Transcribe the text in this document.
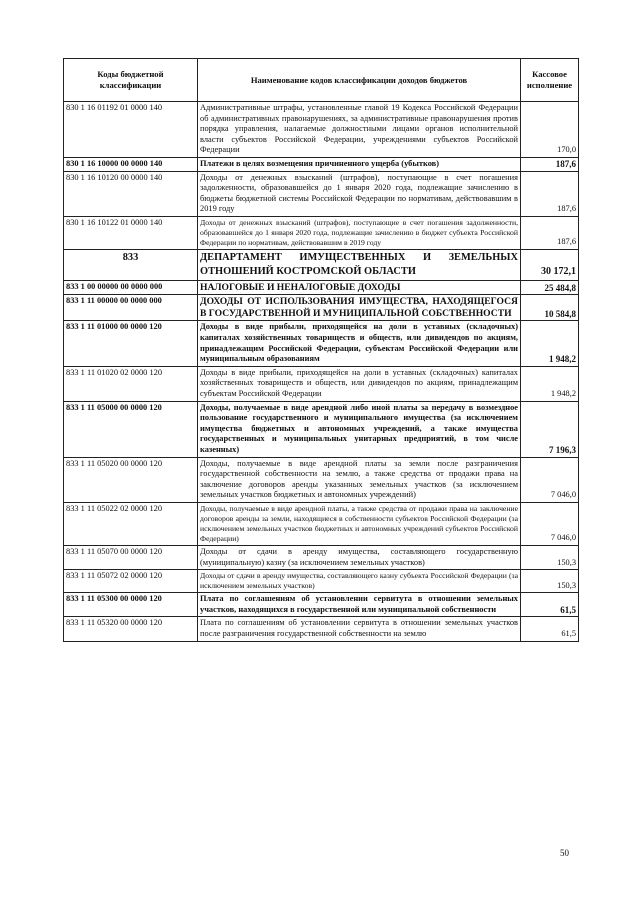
Коды бюджетной классификации	Наименование кодов классификации доходов бюджетов	Кассовое исполнение
830 1 16 01192 01 0000 140	Административные штрафы, установленные главой 19 Кодекса Российской Федерации об административных правонарушениях, за административные правонарушения против порядка управления, налагаемые должностными лицами органов исполнительной власти субъектов Российской Федерации, учреждениями субъектов Российской Федерации	170,0
830 1 16 10000 00 0000 140	Платежи в целях возмещения причиненного ущерба (убытков)	187,6
830 1 16 10120 00 0000 140	Доходы от денежных взысканий (штрафов), поступающие в счет погашения задолженности, образовавшейся до 1 января 2020 года, подлежащие зачислению в бюджеты бюджетной системы Российской Федерации по нормативам, действовавшим в 2019 году	187,6
830 1 16 10122 01 0000 140	Доходы от денежных взысканий (штрафов), поступающие в счет погашения задолженности, образовавшейся до 1 января 2020 года, подлежащие зачислению в бюджет субъекта Российской Федерации по нормативам, действовавшим в 2019 году	187,6
833	ДЕПАРТАМЕНТ ИМУЩЕСТВЕННЫХ И ЗЕМЕЛЬНЫХ ОТНОШЕНИЙ КОСТРОМСКОЙ ОБЛАСТИ	30 172,1
833 1 00 00000 00 0000 000	НАЛОГОВЫЕ И НЕНАЛОГОВЫЕ ДОХОДЫ	25 484,8
833 1 11 00000 00 0000 000	ДОХОДЫ ОТ ИСПОЛЬЗОВАНИЯ ИМУЩЕСТВА, НАХОДЯЩЕГОСЯ В ГОСУДАРСТВЕННОЙ И МУНИЦИПАЛЬНОЙ СОБСТВЕННОСТИ	10 584,8
833 1 11 01000 00 0000 120	Доходы в виде прибыли, приходящейся на доли в уставных (складочных) капиталах хозяйственных товариществ и обществ, или дивидендов по акциям, принадлежащим Российской Федерации, субъектам Российской Федерации или муниципальным образованиям	1 948,2
833 1 11 01020 02 0000 120	Доходы в виде прибыли, приходящейся на доли в уставных (складочных) капиталах хозяйственных товариществ и обществ, или дивидендов по акциям, принадлежащим субъектам Российской Федерации	1 948,2
833 1 11 05000 00 0000 120	Доходы, получаемые в виде арендной либо иной платы за передачу в возмездное пользование государственного и муниципального имущества (за исключением имущества бюджетных и автономных учреждений, а также имущества государственных и муниципальных унитарных предприятий, в том числе казенных)	7 196,3
833 1 11 05020 00 0000 120	Доходы, получаемые в виде арендной платы за земли после разграничения государственной собственности на землю, а также средства от продажи права на заключение договоров аренды указанных земельных участков (за исключением земельных участков бюджетных и автономных учреждений)	7 046,0
833 1 11 05022 02 0000 120	Доходы, получаемые в виде арендной платы, а также средства от продажи права на заключение договоров аренды за земли, находящиеся в собственности субъектов Российской Федерации (за исключением земельных участков бюджетных и автономных учреждений субъектов Российской Федерации)	7 046,0
833 1 11 05070 00 0000 120	Доходы от сдачи в аренду имущества, составляющего государственную (муниципальную) казну (за исключением земельных участков)	150,3
833 1 11 05072 02 0000 120	Доходы от сдачи в аренду имущества, составляющего казну субъекта Российской Федерации (за исключением земельных участков)	150,3
833 1 11 05300 00 0000 120	Плата по соглашениям об установлении сервитута в отношении земельных участков, находящихся в государственной или муниципальной собственности	61,5
833 1 11 05320 00 0000 120	Плата по соглашениям об установлении сервитута в отношении земельных участков после разграничения государственной собственности на землю	61,5
50
